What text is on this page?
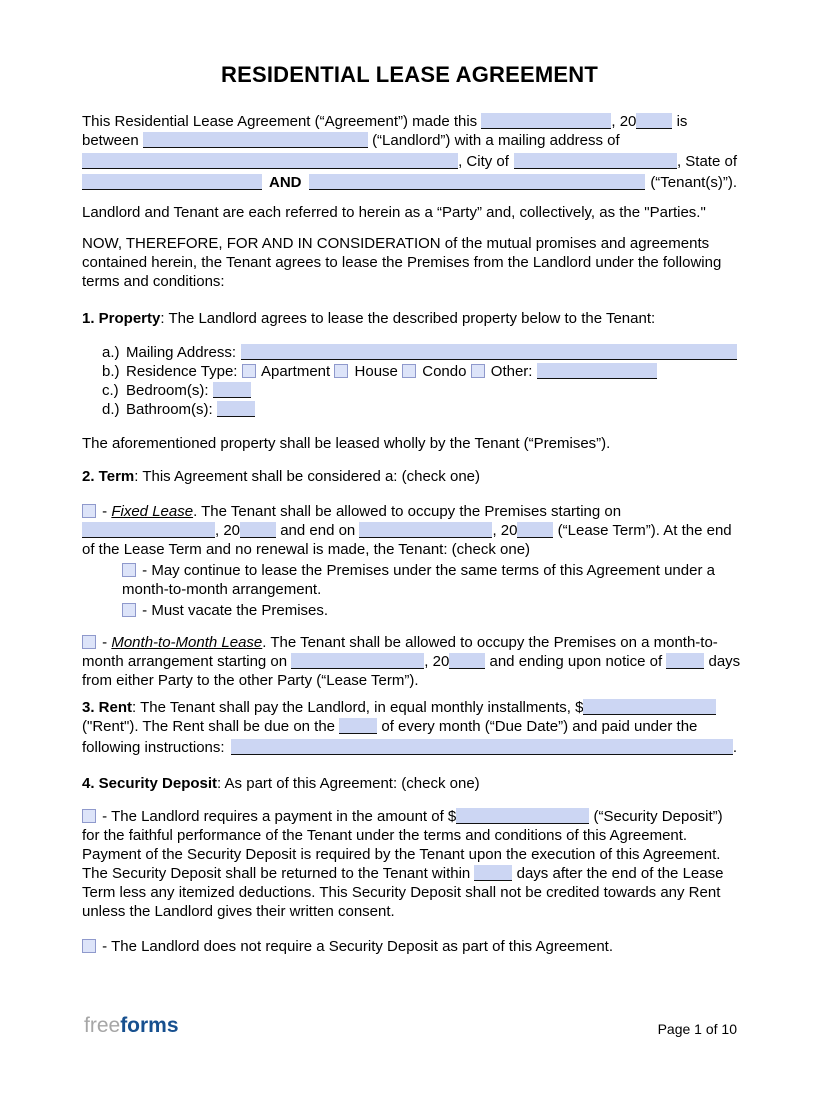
RESIDENTIAL LEASE AGREEMENT
This Residential Lease Agreement (“Agreement”) made this	, 20	is
between	(“Landlord”) with a mailing address of
, City of	, State of
AND	(“Tenant(s)”).
Landlord and Tenant are each referred to herein as a “Party” and, collectively, as the "Parties."
NOW, THEREFORE, FOR AND IN CONSIDERATION of the mutual promises and agreements
contained herein, the Tenant agrees to lease the Premises from the Landlord under the following
terms and conditions:
1. Property: The Landlord agrees to lease the described property below to the Tenant:
a.) Mailing Address:
b.) Residence Type: Apartment House Condo Other:
c.) Bedroom(s):
d.) Bathroom(s):
The aforementioned property shall be leased wholly by the Tenant (“Premises”).
2. Term: This Agreement shall be considered a: (check one)
- Fixed Lease. The Tenant shall be allowed to occupy the Premises starting on
, 20	and end on	, 20	(“Lease Term”). At the end
of the Lease Term and no renewal is made, the Tenant: (check one)
- May continue to lease the Premises under the same terms of this Agreement under a
month-to-month arrangement.
- Must vacate the Premises.
- Month-to-Month Lease. The Tenant shall be allowed to occupy the Premises on a month-to-
month arrangement starting on	, 20	and ending upon notice of	days
from either Party to the other Party (“Lease Term”).
3. Rent: The Tenant shall pay the Landlord, in equal monthly installments, $
("Rent"). The Rent shall be due on the	of every month (“Due Date”) and paid under the
following instructions:	.
4. Security Deposit: As part of this Agreement: (check one)
- The Landlord requires a payment in the amount of $	(“Security Deposit”)
for the faithful performance of the Tenant under the terms and conditions of this Agreement.
Payment of the Security Deposit is required by the Tenant upon the execution of this Agreement.
The Security Deposit shall be returned to the Tenant within	days after the end of the Lease
Term less any itemized deductions. This Security Deposit shall not be credited towards any Rent
unless the Landlord gives their written consent.
- The Landlord does not require a Security Deposit as part of this Agreement.
freeforms	Page 1 of 10
